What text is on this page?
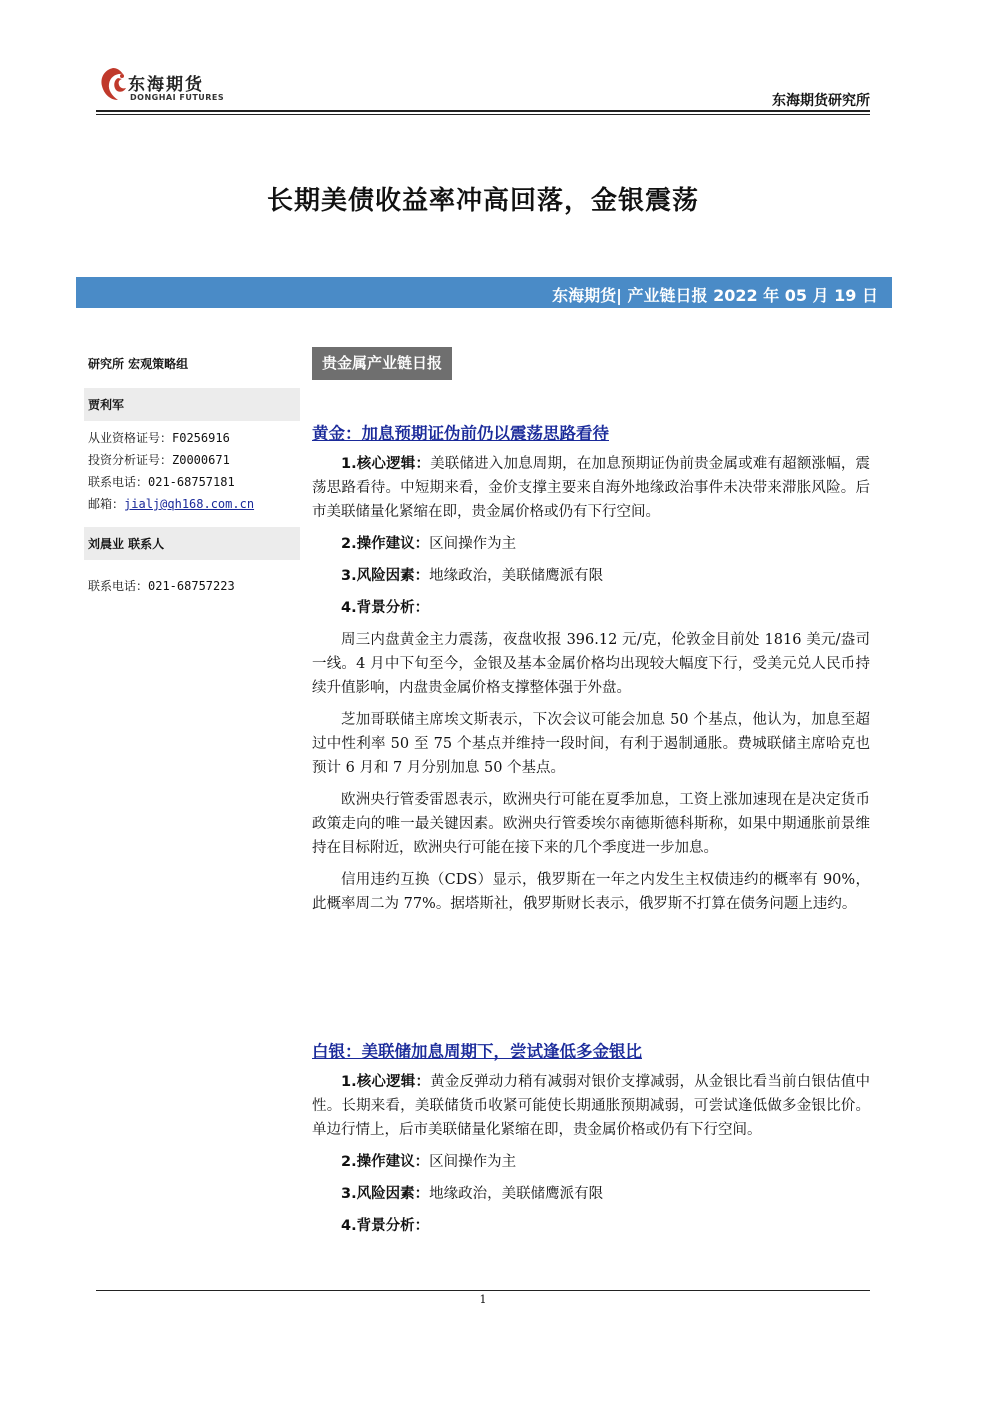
东海期货
DONGHAI FUTURES	东海期货研究所
长期美债收益率冲高回落，金银震荡
东海期货| 产业链日报 2022 年 05 月 19 日
研究所 宏观策略组
贾利军
从业资格证号：F0256916
投资分析证号：Z0000671
联系电话：021-68757181
邮箱：jialj@qh168.com.cn
刘晨业 联系人
联系电话：021-68757223
贵金属产业链日报
黄金：加息预期证伪前仍以震荡思路看待

1.核心逻辑：美联储进入加息周期，在加息预期证伪前贵金属或难有超额涨幅，震荡思路看待。中短期来看，金价支撑主要来自海外地缘政治事件未决带来滞胀风险。后市美联储量化紧缩在即，贵金属价格或仍有下行空间。

2.操作建议：区间操作为主

3.风险因素：地缘政治，美联储鹰派有限

4.背景分析：

周三内盘黄金主力震荡，夜盘收报 396.12 元/克，伦敦金目前处 1816 美元/盎司一线。4 月中下旬至今，金银及基本金属价格均出现较大幅度下行，受美元兑人民币持续升值影响，内盘贵金属价格支撑整体强于外盘。

芝加哥联储主席埃文斯表示，下次会议可能会加息 50 个基点，他认为，加息至超过中性利率 50 至 75 个基点并维持一段时间，有利于遏制通胀。费城联储主席哈克也预计 6 月和 7 月分别加息 50 个基点。

欧洲央行管委雷恩表示，欧洲央行可能在夏季加息，工资上涨加速现在是决定货币政策走向的唯一最关键因素。欧洲央行管委埃尔南德斯德科斯称，如果中期通胀前景维持在目标附近，欧洲央行可能在接下来的几个季度进一步加息。

信用违约互换（CDS）显示，俄罗斯在一年之内发生主权债违约的概率有 90%，此概率周二为 77%。据塔斯社，俄罗斯财长表示，俄罗斯不打算在债务问题上违约。

白银：美联储加息周期下，尝试逢低多金银比

1.核心逻辑：黄金反弹动力稍有减弱对银价支撑减弱，从金银比看当前白银估值中性。长期来看，美联储货币收紧可能使长期通胀预期减弱，可尝试逢低做多金银比价。单边行情上，后市美联储量化紧缩在即，贵金属价格或仍有下行空间。

2.操作建议：区间操作为主

3.风险因素：地缘政治，美联储鹰派有限

4.背景分析：

1
